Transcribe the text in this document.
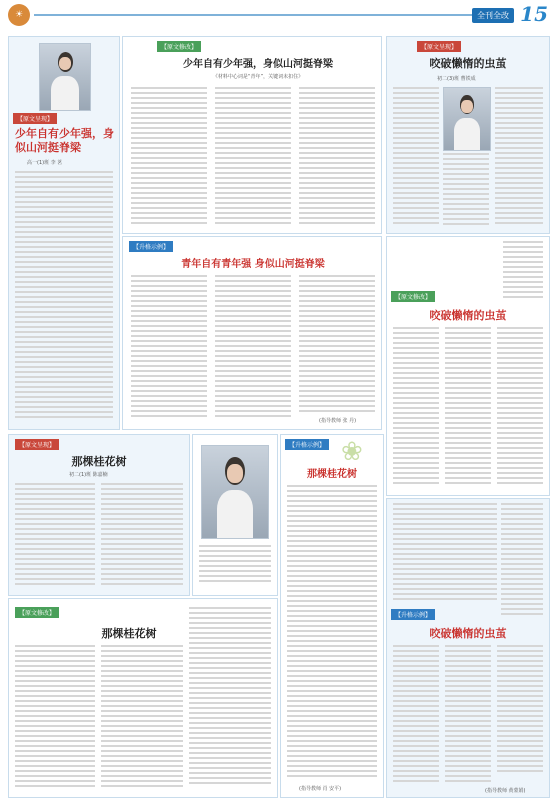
☀	全刊全改 15
【原文呈现】
少年自有少年强，身似山河挺脊梁
高一(1)班 李 茗
【原文修改】
少年自有少年强，身似山河挺脊梁
《材料中心词是“青年”，关键词未扣住》
【升格示例】
青年自有青年强 身似山河挺脊梁
(指导教师 张 丹)
【原文呈现】
咬破懒惰的虫茧
初二(3)班 曹铁成
【原文修改】
咬破懒惰的虫茧
【升格示例】
咬破懒惰的虫茧
(指导教师 黄蒙娟)
【原文呈现】
那棵桂花树
初二(1)班 陈嘉楠
【原文修改】
那棵桂花树
【升格示例】 ❀
那棵桂花树
(指导教师 肖 安平)
